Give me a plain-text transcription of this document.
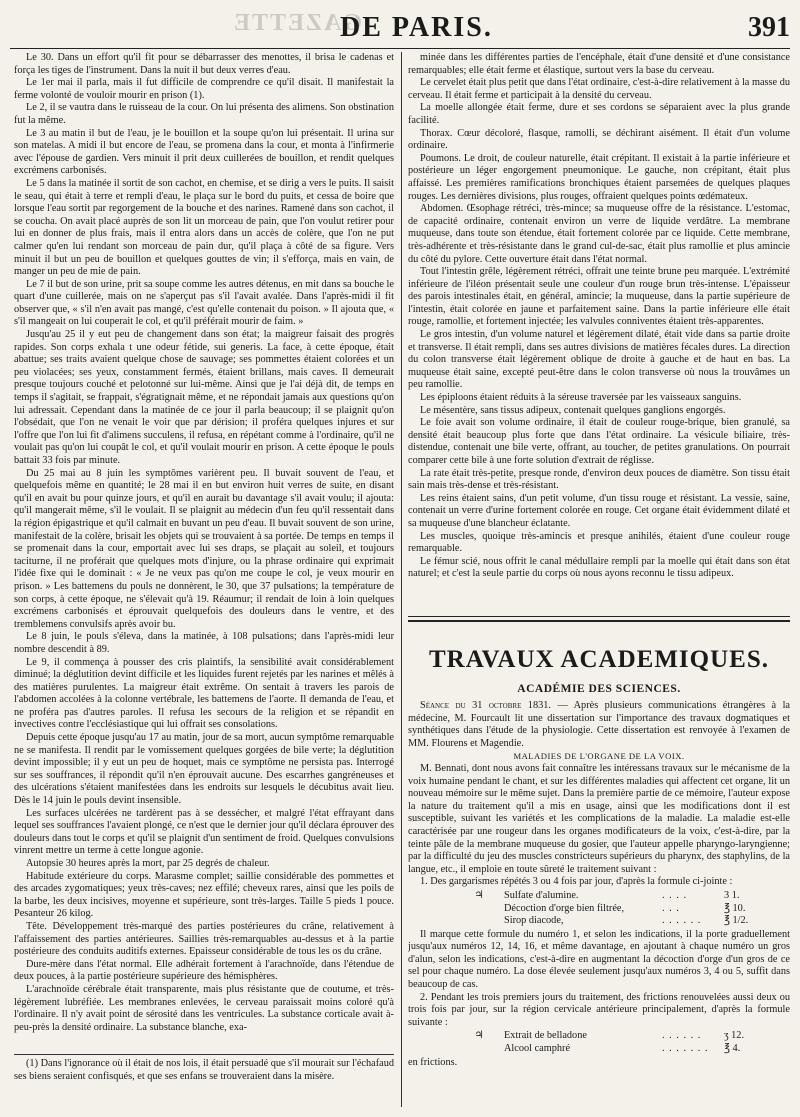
GAZETTE
DE PARIS.	391

Le 30. Dans un effort qu'il fit pour se débarrasser des menottes, il brisa le cadenas et força les tiges de l'instrument. Dans la nuit il but deux verres d'eau.

Le 1er mai il parla, mais il fut difficile de comprendre ce qu'il disait. Il manifestait la ferme volonté de vouloir mourir en prison (1).

Le 2, il se vautra dans le ruisseau de la cour. On lui présenta des alimens. Son obstination fut la même.

Le 3 au matin il but de l'eau, je le bouillon et la soupe qu'on lui présentait. Il urina sur son matelas. A midi il but encore de l'eau, se promena dans la cour, et monta à l'infirmerie avec l'épouse de gardien. Vers minuit il prit deux cuillerées de bouillon, et rendit quelques excrémens carbonisés.

Le 5 dans la matinée il sortit de son cachot, en chemise, et se dirig a vers le puits. Il saisit le seau, qui était à terre et rempli d'eau, le plaça sur le bord du puits, et cessa de boire que lorsque l'eau sortit par regorgement de la bouche et des narines. Ramené dans son cachot, il se coucha. On avait placé auprès de son lit un morceau de pain, que l'on voulut retirer pour lui en donner de plus frais, mais il entra alors dans un accès de colère, que l'on ne put calmer qu'en lui rendant son morceau de pain dur, qu'il plaça à côté de sa figure. Vers minuit il but un peu de bouillon et quelques gouttes de vin; il s'efforça, mais en vain, de manger un peu de mie de pain.

Le 7 il but de son urine, prit sa soupe comme les autres détenus, en mit dans sa bouche le quart d'une cuillerée, mais on ne s'aperçut pas s'il l'avait avalée. Dans l'après-midi il fit observer que, « s'il n'en avait pas mangé, c'est qu'elle contenait du poison. » Il ajouta que, « s'il mangeait on lui couperait le col, et qu'il préférait mourir de faim. »

Jusqu'au 25 il y eut peu de changement dans son état; la maigreur faisait des progrès rapides. Son corps exhala t une odeur fétide, sui generis. La face, à cette époque, était abattue; ses traits avaient quelque chose de sauvage; ses pommettes étaient colorées et un peu violacées; ses yeux, constamment fermés, étaient brillans, mais caves. Il demeurait presque toujours couché et pelotonné sur lui-même. Ainsi que je l'ai déjà dit, de temps en temps il s'agitait, se frappait, s'égratignait même, et ne répondait jamais aux questions qu'on lui adressait. Cependant dans la matinée de ce jour il parla beaucoup; il se plaignit qu'on l'obsédait, que l'on ne venait le voir que par dérision; il proféra quelques injures et sur l'offre que l'on lui fit d'alimens succulens, il refusa, en répétant comme à l'ordinaire, qu'il ne voulait pas qu'on lui coupât le col, et qu'il voulait mourir en prison. A cette époque le pouls battait 33 fois par minute.

Du 25 mai au 8 juin les symptômes varièrent peu. Il buvait souvent de l'eau, et quelquefois même en quantité; le 28 mai il en but environ huit verres de suite, en disant qu'il en avait bu pour quinze jours, et qu'il en aurait bu davantage s'il avait voulu; il ajouta: qu'il mangerait même, s'il le voulait. Il se plaignit au médecin d'un feu qu'il ressentait dans la région épigastrique et qu'il calmait en buvant un peu d'eau. Il buvait souvent de son urine, manifestait de la colère, brisait les objets qui se trouvaient à sa portée. De temps en temps il se promenait dans la cour, emportait avec lui ses draps, se plaçait au soleil, et toujours taciturne, il ne proférait que quelques mots d'injure, ou la phrase ordinaire qui exprimait l'idée fixe qui le dominait : « Je ne veux pas qu'on me coupe le col, je veux mourir en prison. » Les battemens du pouls ne donnèrent, le 30, que 37 pulsations; la température de son corps, à cette époque, ne s'élevait qu'à 19. Réaumur; il rendait de loin à loin quelques excrémens carbonisés et éprouvait quelquefois des douleurs dans le ventre, et des tremblemens convulsifs après avoir bu.

Le 8 juin, le pouls s'éleva, dans la matinée, à 108 pulsations; dans l'après-midi leur nombre descendit à 89.

Le 9, il commença à pousser des cris plaintifs, la sensibilité avait considérablement diminué; la déglutition devint difficile et les liquides furent rejetés par les narines et mêlés à des matières purulentes. La maigreur était extrême. On sentait à travers les parois de l'abdomen accolées à la colonne vertébrale, les battemens de l'aorte. Il demanda de l'eau, et ne proféra pas d'autres paroles. Il refusa les secours de la religion et se répandit en invectives contre l'ecclésiastique qui lui offrait ses consolations.

Depuis cette époque jusqu'au 17 au matin, jour de sa mort, aucun symptôme remarquable ne se manifesta. Il rendit par le vomissement quelques gorgées de bile verte; la déglutition devint impossible; il y eut un peu de hoquet, mais ce symptôme ne persista pas. Interrogé sur ses souffrances, il répondit qu'il n'en éprouvait aucune. Des escarrhes gangréneuses et des ulcérations s'étaient manifestées dans les endroits sur lesquels le décubitus avait lieu. Dès le 14 juin le pouls devint insensible.

Les surfaces ulcérées ne tardèrent pas à se dessécher, et malgré l'état effrayant dans lequel ses souffrances l'avaient plongé, ce n'est que le dernier jour qu'il déclara éprouver des douleurs dans tout le corps et qu'il se plaignit d'un sentiment de froid. Quelques convulsions vinrent mettre un terme à cette longue agonie.

Autopsie 30 heures après la mort, par 25 degrés de chaleur.

Habitude extérieure du corps. Marasme complet; saillie considérable des pommettes et des arcades zygomatiques; yeux très-caves; nez effilé; cheveux rares, ainsi que les poils de la barbe, les deux incisives, moyenne et supérieure, sont très-larges. Taille 5 pieds 1 pouce. Pesanteur 26 kilog.

Tête. Développement très-marqué des parties postérieures du crâne, relativement à l'affaissement des parties antérieures. Saillies très-remarquables au-dessus et à la partie postérieure des conduits auditifs externes. Epaisseur considérable de tous les os du crâne.

Dure-mère dans l'état normal. Elle adhérait fortement à l'arachnoïde, dans l'étendue de deux pouces, à la partie postérieure supérieure des hémisphères.

L'arachnoïde cérébrale était transparente, mais plus résistante que de coutume, et très-légèrement lubréfiée. Les membranes enlevées, le cerveau paraissait moins coloré qu'à l'ordinaire. Il n'y avait point de sérosité dans les ventricules. La substance corticale avait à-peu-près la densité ordinaire. La substance blanche, exa-

(1) Dans l'ignorance où il était de nos lois, il était persuadé que s'il mourait sur l'échafaud ses biens seraient confisqués, et que ses enfans se trouveraient dans la misère.

minée dans les différentes parties de l'encéphale, était d'une densité et d'une consistance remarquables; elle était ferme et élastique, surtout vers la base du cerveau.

Le cervelet était plus petit que dans l'état ordinaire, c'est-à-dire relativement à la masse du cerveau. Il était ferme et participait à la densité du cerveau.

La moelle allongée était ferme, dure et ses cordons se séparaient avec la plus grande facilité.

Thorax. Cœur décoloré, flasque, ramolli, se déchirant aisément. Il était d'un volume ordinaire.

Poumons. Le droit, de couleur naturelle, était crépitant. Il existait à la partie inférieure et postérieure un léger engorgement pneumonique. Le gauche, non crépitant, était plus affaissé. Les premières ramifications bronchiques étaient parsemées de quelques plaques rouges. Les dernières divisions, plus rouges, offraient quelques points œdémateux.

Abdomen. Œsophage rétréci, très-mince; sa muqueuse offre de la résistance. L'estomac, de capacité ordinaire, contenait environ un verre de liquide verdâtre. La membrane muqueuse, dans toute son étendue, était fortement colorée par ce liquide. Cette membrane, très-adhérente et très-résistante dans le grand cul-de-sac, était plus ramollie et plus amincie du côté du pylore. Cette ouverture était dans l'état normal.

Tout l'intestin grêle, légèrement rétréci, offrait une teinte brune peu marquée. L'extrémité inférieure de l'iléon présentait seule une couleur d'un rouge brun très-intense. L'épaisseur des parois intestinales était, en général, amincie; la muqueuse, dans la partie supérieure de l'intestin, était colorée en jaune et parfaitement saine. Dans la partie inférieure elle était rouge, ramollie, et fortement injectée; les valvules conniventes étaient très-apparentes.

Le gros intestin, d'un volume naturel et légèrement dilaté, était vide dans sa partie droite et transverse. Il était rempli, dans ses autres divisions de matières fécales dures. La direction du colon transverse était légèrement oblique de droite à gauche et de haut en bas. La muqueuse était saine, excepté peut-être dans le colon transverse où nous la trouvâmes un peu ramollie.

Les épiploons étaient réduits à la séreuse traversée par les vaisseaux sanguins.

Le mésentère, sans tissus adipeux, contenait quelques ganglions engorgés.

Le foie avait son volume ordinaire, il était de couleur rouge-brique, bien granulé, sa densité était beaucoup plus forte que dans l'état ordinaire. La vésicule biliaire, très-distendue, contenait une bile verte, offrant, au toucher, de petites granulations. On pourrait comparer cette bile à une forte solution d'extrait de réglisse.

La rate était très-petite, presque ronde, d'environ deux pouces de diamètre. Son tissu était sain mais très-dense et très-résistant.

Les reins étaient sains, d'un petit volume, d'un tissu rouge et résistant. La vessie, saine, contenait un verre d'urine fortement colorée en rouge. Cet organe était évidemment dilaté et sa muqueuse d'une blancheur éclatante.

Les muscles, quoique très-amincis et presque anihilés, étaient d'une couleur rouge remarquable.

Le fémur scié, nous offrit le canal médullaire rempli par la moelle qui était dans son état naturel; et c'est la seule partie du corps où nous ayons reconnu le tissu adipeux.

TRAVAUX ACADEMIQUES.
ACADÉMIE DES SCIENCES.

Séance du 31 octobre 1831. — Après plusieurs communications étrangères à la médecine, M. Fourcault lit une dissertation sur l'importance des travaux dogmatiques et synthétiques dans l'étude de la physiologie. Cette dissertation est renvoyée à l'examen de MM. Flourens et Magendie.

MALADIES DE L'ORGANE DE LA VOIX.

M. Bennati, dont nous avons fait connaître les intéressans travaux sur le mécanisme de la voix humaine pendant le chant, et sur les différentes maladies qui affectent cet organe, lit un nouveau mémoire sur le même sujet. Dans la première partie de ce mémoire, l'auteur expose la nature du traitement qu'il a mis en usage, ainsi que les modifications dont il est susceptible, suivant les variétés et les complications de la maladie. La maladie est-elle caractérisée par une rougeur dans les organes modificateurs de la voix, c'est-à-dire, par la teinte pâle de la membrane muqueuse du gosier, que l'auteur appelle pharyngo-laryngienne; par la difficulté du jeu des muscles constricteurs supérieurs du pharynx, des staphylins, de la langue, etc., il emploie en toute sûreté le traitement suivant :

1. Des gargarismes répétés 3 ou 4 fois par jour, d'après la formule ci-jointe :

♃	Sulfate d'alumine.	. . . .	3 1.
	Décoction d'orge bien filtrée,	. . .	℥ 10.
	Sirop diacode,	. . . . . .	℥ 1/2.

Il marque cette formule du numéro 1, et selon les indications, il la porte graduellement jusqu'aux numéros 12, 14, 16, et même davantage, en ajoutant à chaque numéro un gros d'alun, selon les indications, c'est-à-dire en augmentant la décoction d'orge d'un gros de ce sel pour chaque numéro. La dose élevée seulement jusqu'aux numéros 3, 4 ou 5, suffit dans beaucoup de cas.

2. Pendant les trois premiers jours du traitement, des frictions renouvelées aussi deux ou trois fois par jour, sur la région cervicale antérieure principalement, d'après la formule suivante :

♃	Extrait de belladone	. . . . . .	ʒ 12.
	Alcool camphré	. . . . . . .	℥ 4.

en frictions.
